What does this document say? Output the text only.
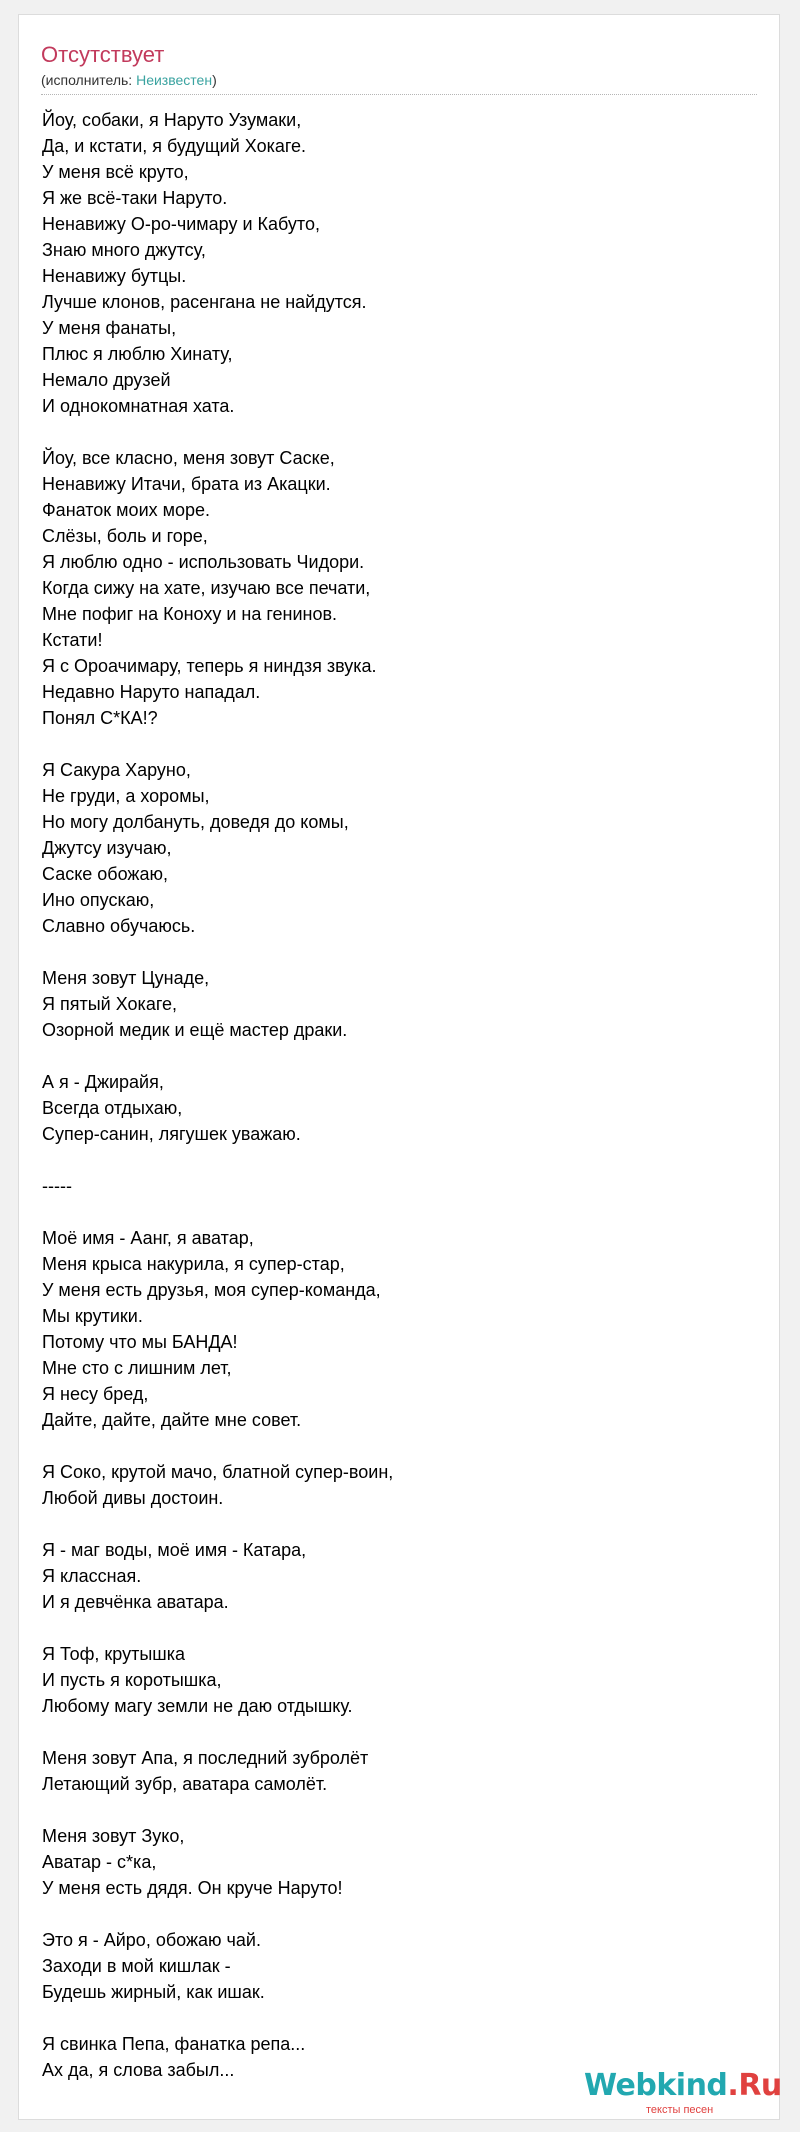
Отсутствует
(исполнитель: Неизвестен)
Йоу, собаки, я Наруто Узумаки,
Да, и кстати, я будущий Хокаге.
У меня всё круто,
Я же всё-таки Наруто.
Ненавижу О-ро-чимару и Кабуто,
Знаю много джутсу,
Ненавижу бутцы.
Лучше клонов, расенгана не найдутся.
У меня фанаты,
Плюс я люблю Хинату,
Немало друзей
И однокомнатная хата.
Йоу, все класно, меня зовут Саске,
Ненавижу Итачи, брата из Акацки.
Фанаток моих море.
Слёзы, боль и горе,
Я люблю одно - использовать Чидори.
Когда сижу на хате, изучаю все печати,
Мне пофиг на Коноху и на генинов.
Кстати!
Я с Ороачимару, теперь я ниндзя звука.
Недавно Наруто нападал.
Понял С*КА!?
Я Сакура Харуно,
Не груди, а хоромы,
Но могу долбануть, доведя до комы,
Джутсу изучаю,
Саске обожаю,
Ино опускаю,
Славно обучаюсь.
Меня зовут Цунаде,
Я пятый Хокаге,
Озорной медик и ещё мастер драки.
А я - Джирайя,
Всегда отдыхаю,
Супер-санин, лягушек уважаю.
-----
Моё имя - Аанг, я аватар,
Меня крыса накурила, я супер-стар,
У меня есть друзья, моя супер-команда,
Мы крутики.
Потому что мы БАНДА!
Мне сто с лишним лет,
Я несу бред,
Дайте, дайте, дайте мне совет.
Я Соко, крутой мачо, блатной супер-воин,
Любой дивы достоин.
Я - маг воды, моё имя - Катара,
Я классная.
И я девчёнка аватара.
Я Тоф, крутышка
И пусть я коротышка,
Любому магу земли не даю отдышку.
Меня зовут Апа, я последний зубролёт
Летающий зубр, аватара самолёт.
Меня зовут Зуко,
Аватар - с*ка,
У меня есть дядя. Он круче Наруто!
Это я - Айро, обожаю чай.
Заходи в мой кишлак -
Будешь жирный, как ишак.
Я свинка Пепа, фанатка репа...
Ах да, я слова забыл...	Webkind.Ru
тексты песен
